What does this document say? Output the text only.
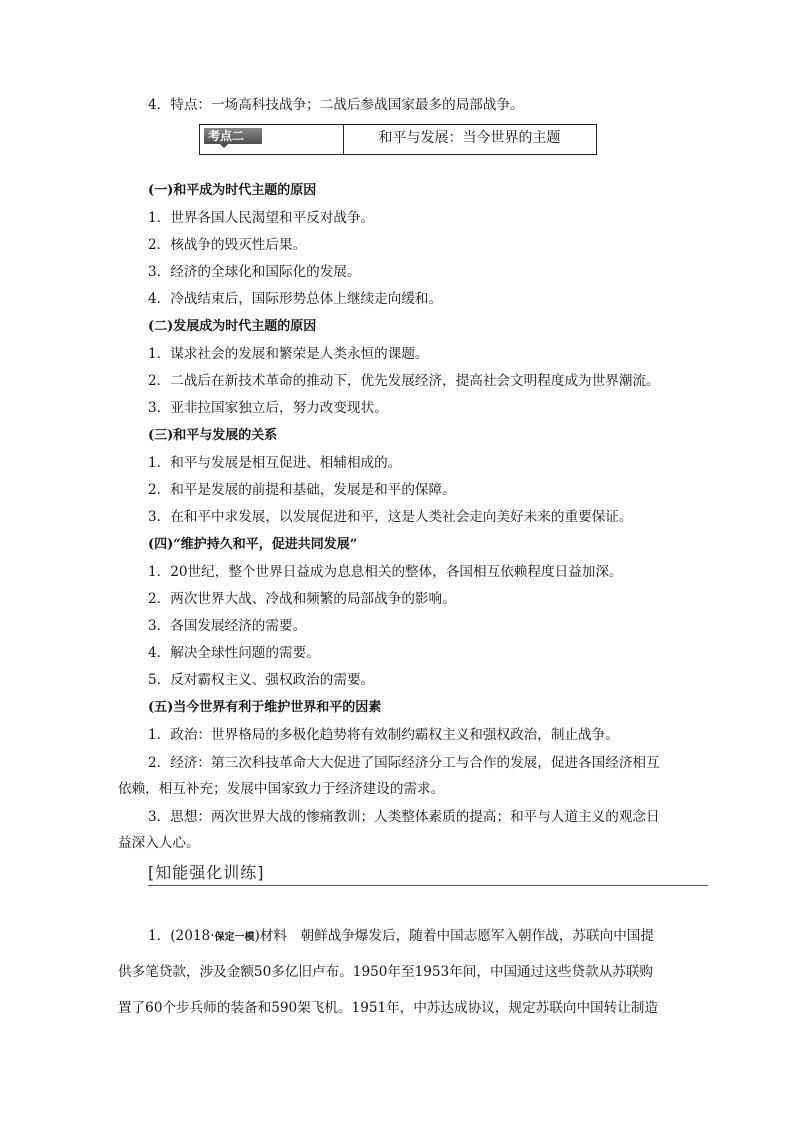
4．特点：一场高科技战争；二战后参战国家最多的局部战争。
考点二	和平与发展：当今世界的主题
(一)和平成为时代主题的原因
1．世界各国人民渴望和平反对战争。
2．核战争的毁灭性后果。
3．经济的全球化和国际化的发展。
4．冷战结束后，国际形势总体上继续走向缓和。
(二)发展成为时代主题的原因
1．谋求社会的发展和繁荣是人类永恒的课题。
2．二战后在新技术革命的推动下，优先发展经济，提高社会文明程度成为世界潮流。
3．亚非拉国家独立后，努力改变现状。
(三)和平与发展的关系
1．和平与发展是相互促进、相辅相成的。
2．和平是发展的前提和基础，发展是和平的保障。
3．在和平中求发展，以发展促进和平，这是人类社会走向美好未来的重要保证。
(四)“维护持久和平，促进共同发展”
1．20世纪，整个世界日益成为息息相关的整体，各国相互依赖程度日益加深。
2．两次世界大战、冷战和频繁的局部战争的影响。
3．各国发展经济的需要。
4．解决全球性问题的需要。
5．反对霸权主义、强权政治的需要。
(五)当今世界有利于维护世界和平的因素
1．政治：世界格局的多极化趋势将有效制约霸权主义和强权政治，制止战争。
2．经济：第三次科技革命大大促进了国际经济分工与合作的发展，促进各国经济相互
依赖，相互补充；发展中国家致力于经济建设的需求。
3．思想：两次世界大战的惨痛教训；人类整体素质的提高；和平与人道主义的观念日
益深入人心。
[知能强化训练]
1．(2018·保定一模)材料　朝鲜战争爆发后，随着中国志愿军入朝作战，苏联向中国提
供多笔贷款，涉及金额50多亿旧卢布。1950年至1953年间，中国通过这些贷款从苏联购
置了60个步兵师的装备和590架飞机。1951年，中苏达成协议，规定苏联向中国转让制造
